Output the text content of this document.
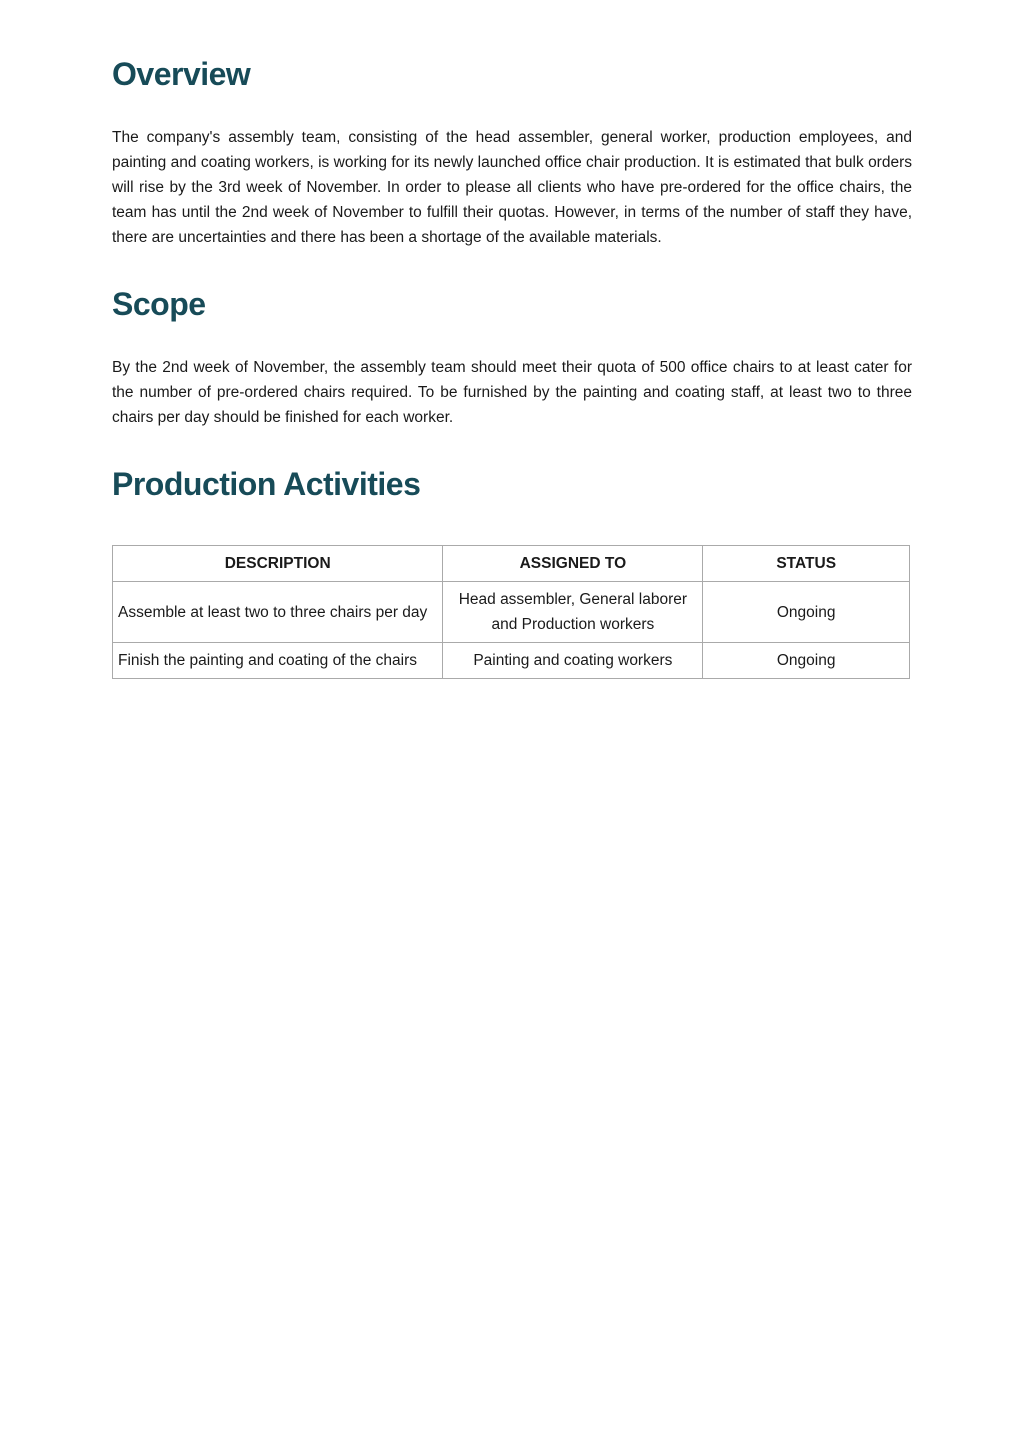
Overview

The company's assembly team, consisting of the head assembler, general worker, production employees, and painting and coating workers, is working for its newly launched office chair production. It is estimated that bulk orders will rise by the 3rd week of November. In order to please all clients who have pre-ordered for the office chairs, the team has until the 2nd week of November to fulfill their quotas. However, in terms of the number of staff they have, there are uncertainties and there has been a shortage of the available materials.

Scope

By the 2nd week of November, the assembly team should meet their quota of 500 office chairs to at least cater for the number of pre-ordered chairs required. To be furnished by the painting and coating staff, at least two to three chairs per day should be finished for each worker.

Production Activities
DESCRIPTION	ASSIGNED TO	STATUS
Assemble at least two to three chairs per day	Head assembler, General laborer and Production workers	Ongoing
Finish the painting and coating of the chairs	Painting and coating workers	Ongoing
